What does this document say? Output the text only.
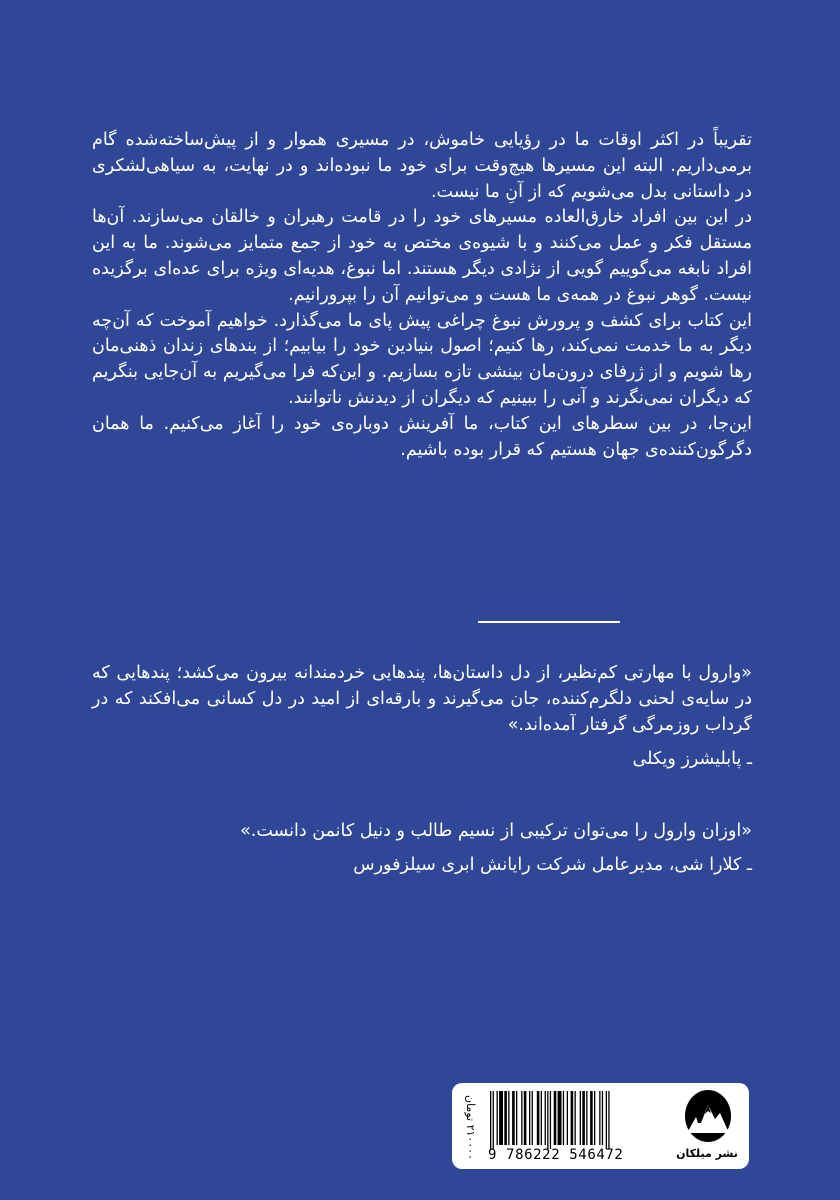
تقریباً در اکثر اوقات ما در رؤیایی خاموش، در مسیری هموار و از پیش‌ساخته‌شده گام برمی‌داریم. البته این مسیرها هیچ‌وقت برای خود ما نبوده‌اند و در نهایت، به سیاهی‌لشکری در داستانی بدل می‌شویم که از آنِ ما نیست.

در این بین افراد خارق‌العاده مسیرهای خود را در قامت رهبران و خالقان می‌سازند. آن‌ها مستقل فکر و عمل می‌کنند و با شیوه‌ی مختص به خود از جمع متمایز می‌شوند. ما به این افراد نابغه می‌گوییم گویی از نژادی دیگر هستند. اما نبوغ، هدیه‌ای ویژه برای عده‌ای برگزیده نیست. گوهر نبوغ در همه‌ی ما هست و می‌توانیم آن را بپرورانیم.

این کتاب برای کشف و پرورش نبوغ چراغی پیش پای ما می‌گذارد. خواهیم آموخت که آن‌چه دیگر به ما خدمت نمی‌کند، رها کنیم؛ اصول بنیادین خود را بیابیم؛ از بندهای زندان ذهنی‌مان رها شویم و از ژرفای درون‌مان بینشی تازه بسازیم. و این‌که فرا می‌گیریم به آن‌جایی بنگریم که دیگران نمی‌نگرند و آنی را ببینیم که دیگران از دیدنش ناتوانند.

این‌جا، در بین سطرهای این کتاب، ما آفرینش دوباره‌ی خود را آغاز می‌کنیم. ما همان دگرگون‌کننده‌ی جهان هستیم که قرار بوده باشیم.

«وارول با مهارتی کم‌نظیر، از دل داستان‌ها، پندهایی خردمندانه بیرون می‌کشد؛ پندهایی که در سایه‌ی لحنی دلگرم‌کننده، جان می‌گیرند و بارقه‌ای از امید در دل کسانی می‌افکند که در گرداب روزمرگی گرفتار آمده‌اند.»

ـ پابلیشرز ویکلی

«اوزان وارول را می‌توان ترکیبی از نسیم طالب و دنیل کانمن دانست.»

ـ کلارا شی، مدیرعامل شرکت رایانش ابری سیلزفورس

۲۱۰۰۰۰ تومان 9 786222 546472	نشر میلکان
